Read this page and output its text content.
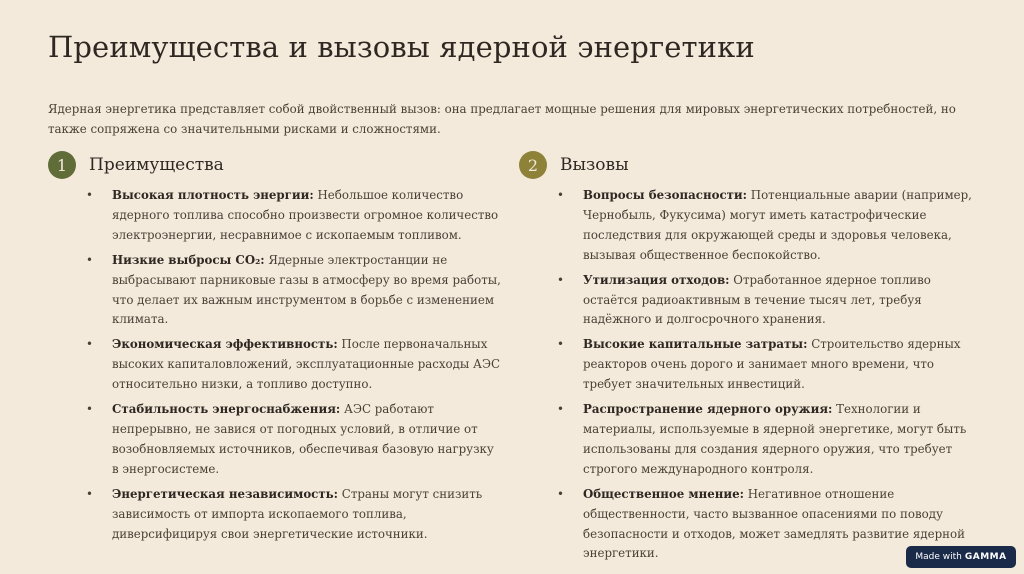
Преимущества и вызовы ядерной энергетики

Ядерная энергетика представляет собой двойственный вызов: она предлагает мощные решения для мировых энергетических потребностей, но также сопряжена со значительными рисками и сложностями.

1	Преимущества
• Высокая плотность энергии: Небольшое количество ядерного топлива способно произвести огромное количество электроэнергии, несравнимое с ископаемым топливом.
• Низкие выбросы CO₂: Ядерные электростанции не выбрасывают парниковые газы в атмосферу во время работы, что делает их важным инструментом в борьбе с изменением климата.
• Экономическая эффективность: После первоначальных высоких капиталовложений, эксплуатационные расходы АЭС относительно низки, а топливо доступно.
• Стабильность энергоснабжения: АЭС работают непрерывно, не завися от погодных условий, в отличие от возобновляемых источников, обеспечивая базовую нагрузку в энергосистеме.
• Энергетическая независимость: Страны могут снизить зависимость от импорта ископаемого топлива, диверсифицируя свои энергетические источники.
2	Вызовы
• Вопросы безопасности: Потенциальные аварии (например, Чернобыль, Фукусима) могут иметь катастрофические последствия для окружающей среды и здоровья человека, вызывая общественное беспокойство.
• Утилизация отходов: Отработанное ядерное топливо остаётся радиоактивным в течение тысяч лет, требуя надёжного и долгосрочного хранения.
• Высокие капитальные затраты: Строительство ядерных реакторов очень дорого и занимает много времени, что требует значительных инвестиций.
• Распространение ядерного оружия: Технологии и материалы, используемые в ядерной энергетике, могут быть использованы для создания ядерного оружия, что требует строгого международного контроля.
• Общественное мнение: Негативное отношение общественности, часто вызванное опасениями по поводу безопасности и отходов, может замедлять развитие ядерной энергетики.	Made with GAMMA
